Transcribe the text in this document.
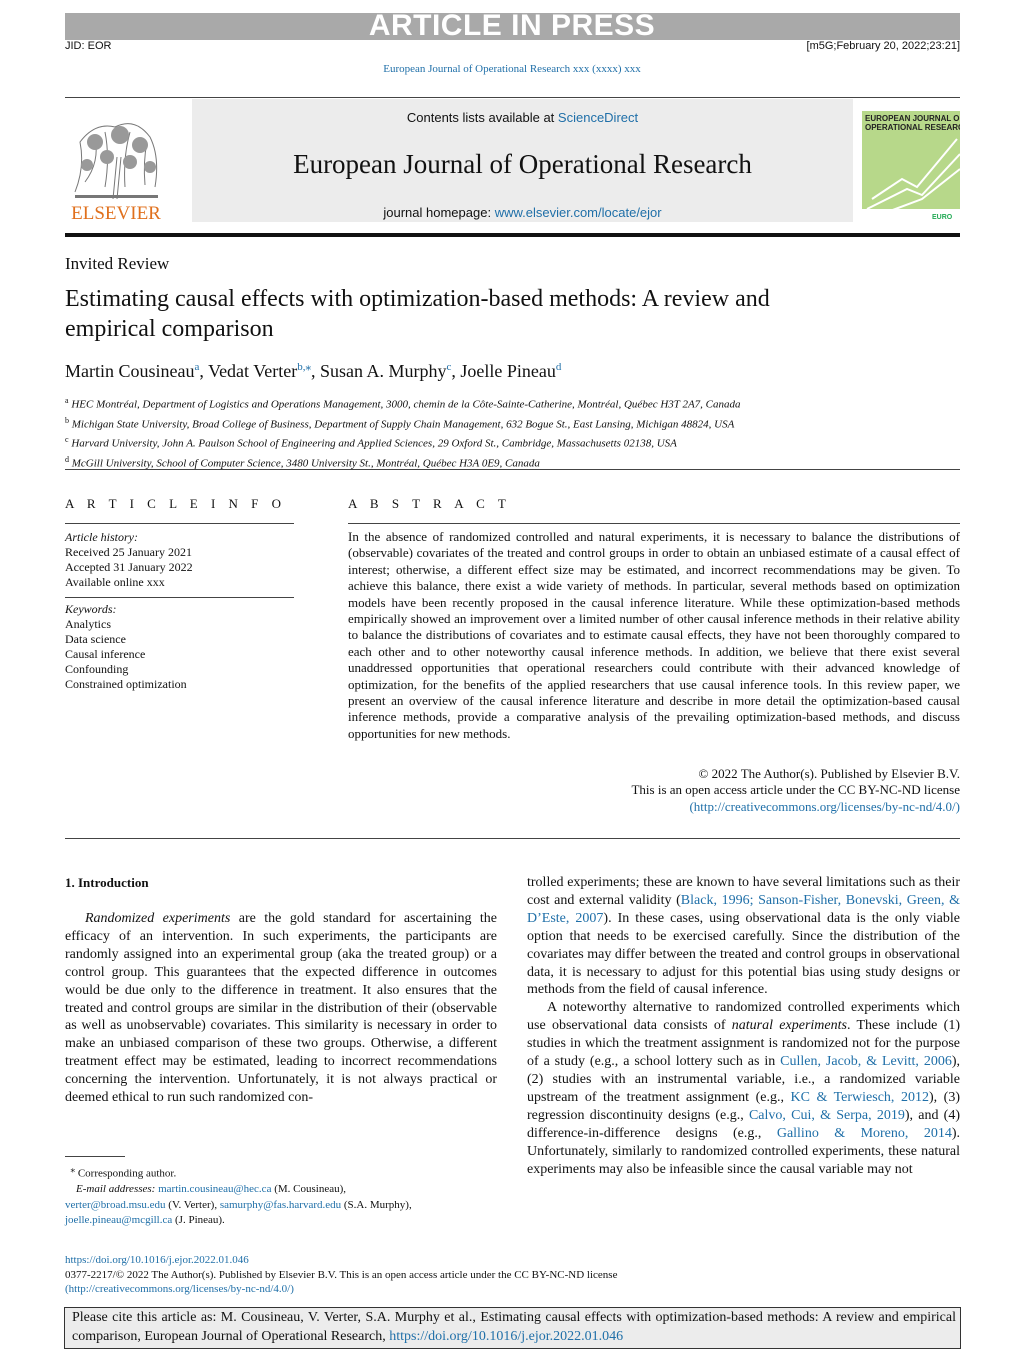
ARTICLE IN PRESS
JID: EOR	[m5G;February 20, 2022;23:21]
European Journal of Operational Research xxx (xxxx) xxx
ELSEVIER
Contents lists available at ScienceDirect
European Journal of Operational Research
journal homepage: www.elsevier.com/locate/ejor
EUROPEAN JOURNAL OF
OPERATIONAL RESEARCH
EURO
Invited Review
Estimating causal effects with optimization-based methods: A review and empirical comparison
Martin Cousineau$^a$, Vedat Verter$^{b,⁎}$, Susan A. Murphy$^c$, Joelle Pineau$^d$
$^a$ HEC Montréal, Department of Logistics and Operations Management, 3000, chemin de la Côte-Sainte-Catherine, Montréal, Québec H3T 2A7, Canada
$^b$ Michigan State University, Broad College of Business, Department of Supply Chain Management, 632 Bogue St., East Lansing, Michigan 48824, USA
$^c$ Harvard University, John A. Paulson School of Engineering and Applied Sciences, 29 Oxford St., Cambridge, Massachusetts 02138, USA
$^d$ McGill University, School of Computer Science, 3480 University St., Montréal, Québec H3A 0E9, Canada
A R T I C L E I N F O
Article history:
Received 25 January 2021
Accepted 31 January 2022
Available online xxx
Keywords:
Analytics
Data science
Causal inference
Confounding
Constrained optimization
A B S T R A C T
In the absence of randomized controlled and natural experiments, it is necessary to balance the distributions of (observable) covariates of the treated and control groups in order to obtain an unbiased estimate of a causal effect of interest; otherwise, a different effect size may be estimated, and incorrect recommendations may be given. To achieve this balance, there exist a wide variety of methods. In particular, several methods based on optimization models have been recently proposed in the causal inference literature. While these optimization-based methods empirically showed an improvement over a limited number of other causal inference methods in their relative ability to balance the distributions of covariates and to estimate causal effects, they have not been thoroughly compared to each other and to other noteworthy causal inference methods. In addition, we believe that there exist several unaddressed opportunities that operational researchers could contribute with their advanced knowledge of optimization, for the benefits of the applied researchers that use causal inference tools. In this review paper, we present an overview of the causal inference literature and describe in more detail the optimization-based causal inference methods, provide a comparative analysis of the prevailing optimization-based methods, and discuss opportunities for new methods.
© 2022 The Author(s). Published by Elsevier B.V.
This is an open access article under the CC BY-NC-ND license
(http://creativecommons.org/licenses/by-nc-nd/4.0/)
1. Introduction

Randomized experiments are the gold standard for ascertaining the efficacy of an intervention. In such experiments, the participants are randomly assigned into an experimental group (aka the treated group) or a control group. This guarantees that the expected difference in outcomes would be due only to the difference in treatment. It also ensures that the treated and control groups are similar in the distribution of their (observable as well as unobservable) covariates. This similarity is necessary in order to make an unbiased comparison of these two groups. Otherwise, a different treatment effect may be estimated, leading to incorrect recommendations concerning the intervention. Unfortunately, it is not always practical or deemed ethical to run such randomized con-

trolled experiments; these are known to have several limitations such as their cost and external validity (Black, 1996; Sanson-Fisher, Bonevski, Green, & D’Este, 2007). In these cases, using observational data is the only viable option that needs to be exercised carefully. Since the distribution of the covariates may differ between the treated and control groups in observational data, it is necessary to adjust for this potential bias using study designs or methods from the field of causal inference.

A noteworthy alternative to randomized controlled experiments which use observational data consists of natural experiments. These include (1) studies in which the treatment assignment is randomized not for the purpose of a study (e.g., a school lottery such as in Cullen, Jacob, & Levitt, 2006), (2) studies with an instrumental variable, i.e., a randomized variable upstream of the treatment assignment (e.g., KC & Terwiesch, 2012), (3) regression discontinuity designs (e.g., Calvo, Cui, & Serpa, 2019), and (4) difference-in-difference designs (e.g., Gallino & Moreno, 2014). Unfortunately, similarly to randomized controlled experiments, these natural experiments may also be infeasible since the causal variable may not

⁎ Corresponding author.
E-mail addresses: martin.cousineau@hec.ca (M. Cousineau),
verter@broad.msu.edu (V. Verter), samurphy@fas.harvard.edu (S.A. Murphy),
joelle.pineau@mcgill.ca (J. Pineau).
https://doi.org/10.1016/j.ejor.2022.01.046
0377-2217/© 2022 The Author(s). Published by Elsevier B.V. This is an open access article under the CC BY-NC-ND license
(http://creativecommons.org/licenses/by-nc-nd/4.0/)
Please cite this article as: M. Cousineau, V. Verter, S.A. Murphy et al., Estimating causal effects with optimization-based methods: A review and empirical comparison, European Journal of Operational Research, https://doi.org/10.1016/j.ejor.2022.01.046
